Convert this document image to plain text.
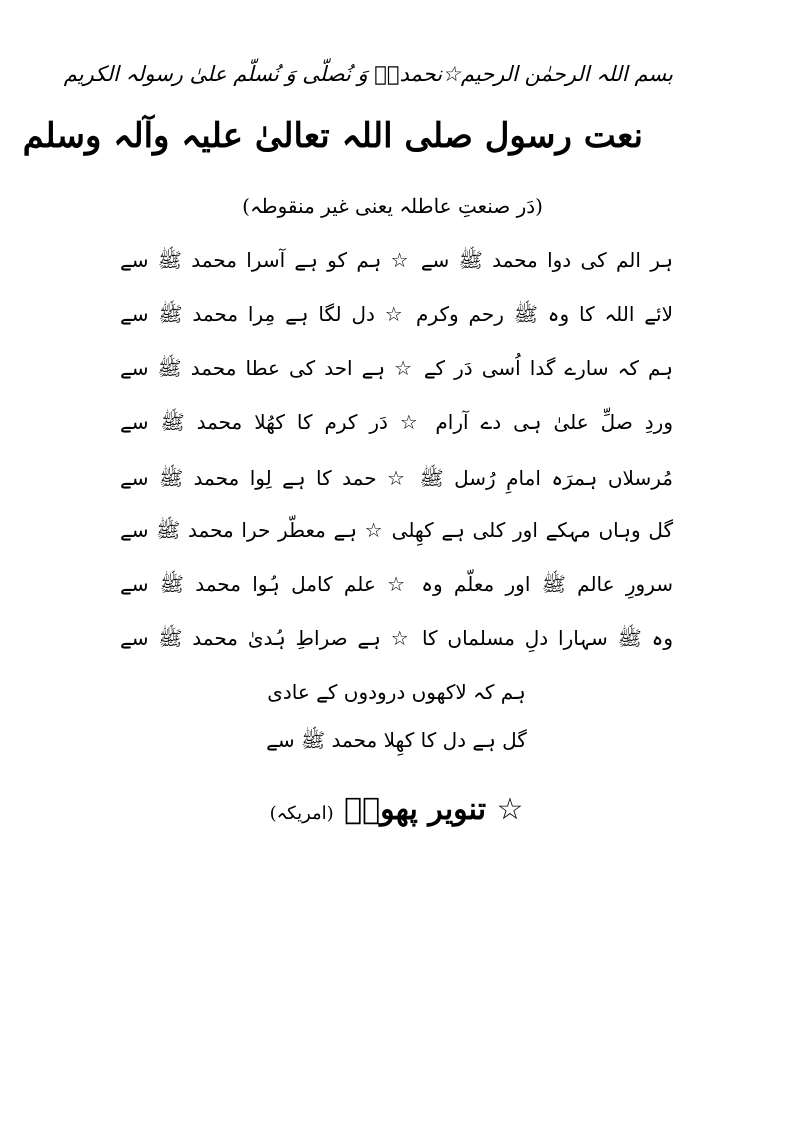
بسم اللہ الرحمٰن الرحیم☆نحمدہٗ وَ نُصلّی وَ نُسلّم علیٰ رسولہ الکریم
نعت رسول صلی اللہ تعالیٰ علیہ وآلہ وسلم
(دَر صنعتِ عاطلہ یعنی غیر منقوطہ)
ہر الم کی دوا محمد ﷺ سے ☆ ہم کو ہے آسرا محمد ﷺ سے
لائے اللہ کا وہ ﷺ رحم وکرم ☆ دل لگا ہے مِرا محمد ﷺ سے
ہم کہ سارے گدا اُسی دَر کے ☆ ہے احد کی عطا محمد ﷺ سے
وردِ صلِّ علیٰ ہی دے آرام ☆ دَر کرم کا کھُلا محمد ﷺ سے
مُرسلاں ہمرَہ امامِ رُسل ﷺ ☆ حمد کا ہے لِوا محمد ﷺ سے
گل وہاں مہکے اور کلی ہے کھِلی ☆ ہے معطّر حرا محمد ﷺ سے
سرورِ عالم ﷺ اور معلّم وہ ☆ علم کامل ہُوا محمد ﷺ سے
وہ ﷺ سہارا دلِ مسلماں کا ☆ ہے صراطِ ہُدیٰ محمد ﷺ سے
ہم کہ لاکھوں درودوں کے عادی
گل ہے دل کا کھِلا محمد ﷺ سے
☆ تنویر پھولؔ (امریکہ)
